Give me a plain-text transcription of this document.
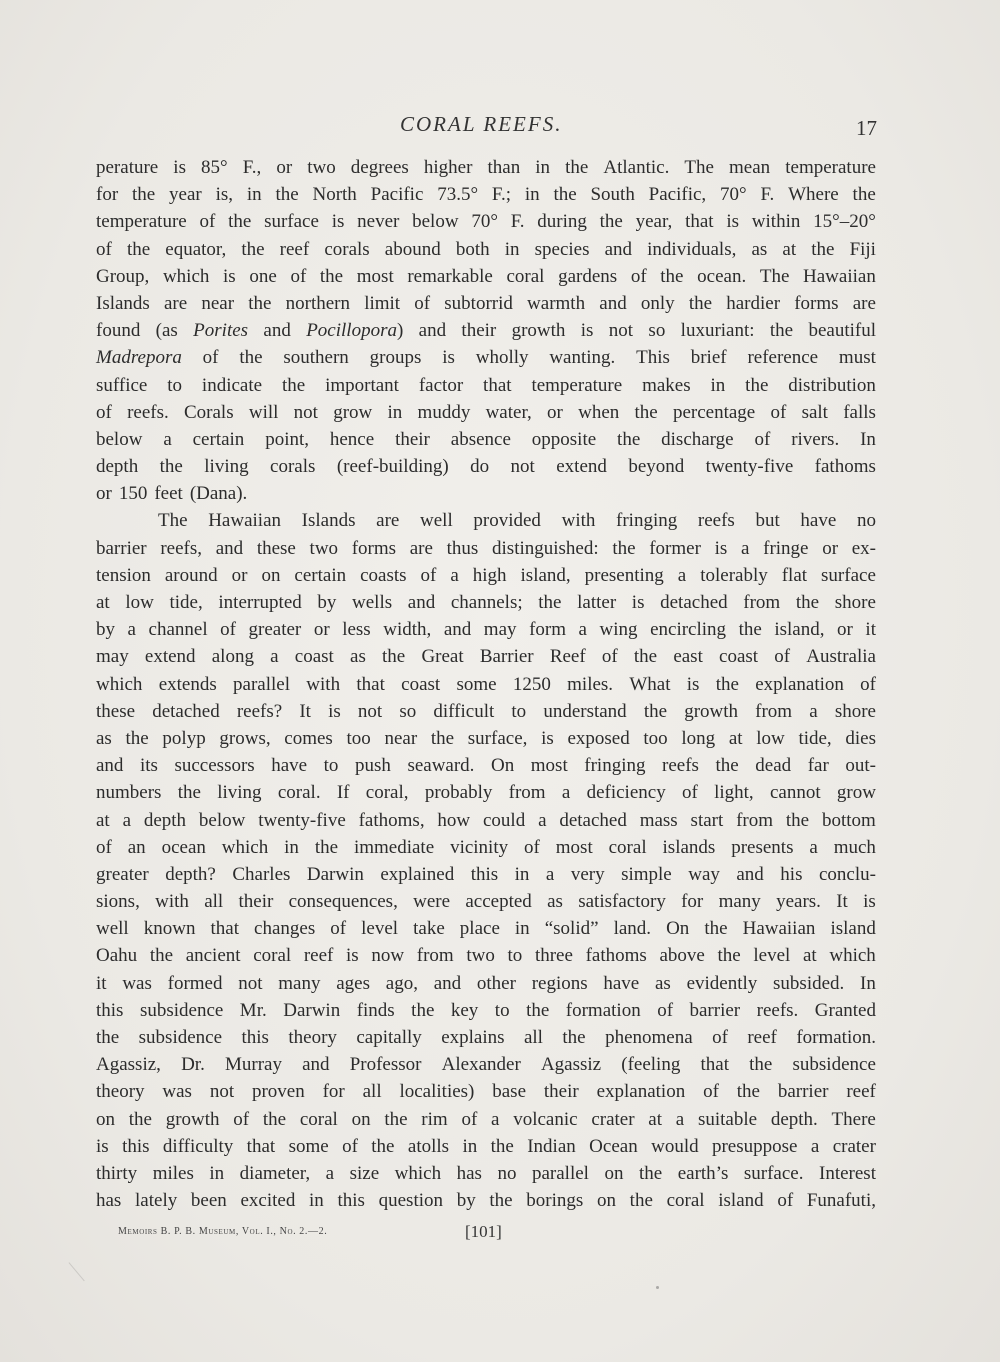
CORAL REEFS.	17
perature is 85° F., or two degrees higher than in the Atlantic. The mean temperature
for the year is, in the North Pacific 73.5° F.; in the South Pacific, 70° F. Where the
temperature of the surface is never below 70° F. during the year, that is within 15°–20°
of the equator, the reef corals abound both in species and individuals, as at the Fiji
Group, which is one of the most remarkable coral gardens of the ocean. The Hawaiian
Islands are near the northern limit of subtorrid warmth and only the hardier forms are
found (as Porites and Pocillopora) and their growth is not so luxuriant: the beautiful
Madrepora of the southern groups is wholly wanting. This brief reference must
suffice to indicate the important factor that temperature makes in the distribution
of reefs. Corals will not grow in muddy water, or when the percentage of salt falls
below a certain point, hence their absence opposite the discharge of rivers. In
depth the living corals (reef-building) do not extend beyond twenty-five fathoms
or 150 feet (Dana).
The Hawaiian Islands are well provided with fringing reefs but have no
barrier reefs, and these two forms are thus distinguished: the former is a fringe or ex-
tension around or on certain coasts of a high island, presenting a tolerably flat surface
at low tide, interrupted by wells and channels; the latter is detached from the shore
by a channel of greater or less width, and may form a wing encircling the island, or it
may extend along a coast as the Great Barrier Reef of the east coast of Australia
which extends parallel with that coast some 1250 miles. What is the explanation of
these detached reefs? It is not so difficult to understand the growth from a shore
as the polyp grows, comes too near the surface, is exposed too long at low tide, dies
and its successors have to push seaward. On most fringing reefs the dead far out-
numbers the living coral. If coral, probably from a deficiency of light, cannot grow
at a depth below twenty-five fathoms, how could a detached mass start from the bottom
of an ocean which in the immediate vicinity of most coral islands presents a much
greater depth? Charles Darwin explained this in a very simple way and his conclu-
sions, with all their consequences, were accepted as satisfactory for many years. It is
well known that changes of level take place in “solid” land. On the Hawaiian island
Oahu the ancient coral reef is now from two to three fathoms above the level at which
it was formed not many ages ago, and other regions have as evidently subsided. In
this subsidence Mr. Darwin finds the key to the formation of barrier reefs. Granted
the subsidence this theory capitally explains all the phenomena of reef formation.
Agassiz, Dr. Murray and Professor Alexander Agassiz (feeling that the subsidence
theory was not proven for all localities) base their explanation of the barrier reef
on the growth of the coral on the rim of a volcanic crater at a suitable depth. There
is this difficulty that some of the atolls in the Indian Ocean would presuppose a crater
thirty miles in diameter, a size which has no parallel on the earth’s surface. Interest
has lately been excited in this question by the borings on the coral island of Funafuti,
Memoirs B. P. B. Museum, Vol. I., No. 2.—2.	[101]
